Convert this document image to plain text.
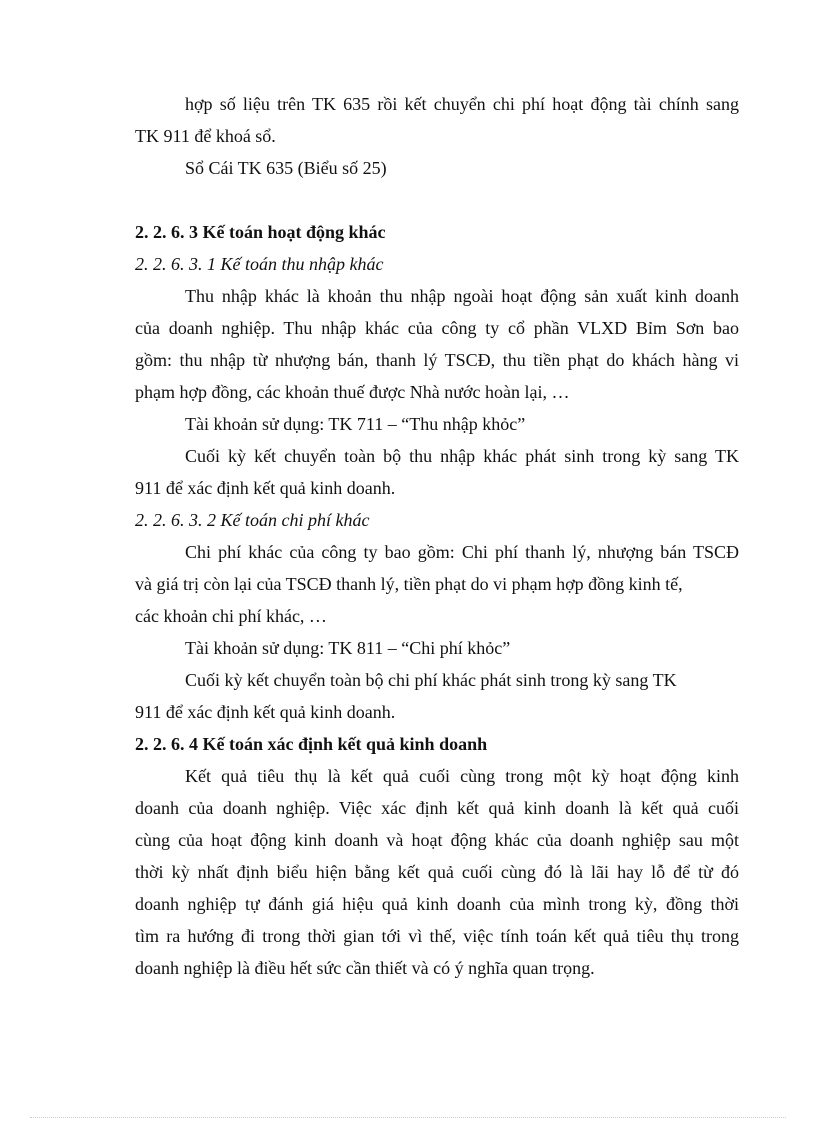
hợp số liệu trên TK 635 rồi kết chuyển chi phí hoạt động tài chính sang
TK 911 để khoá sổ.
Sổ Cái TK 635 (Biểu số 25)
2. 2. 6. 3 Kế toán hoạt động khác
2. 2. 6. 3. 1 Kế toán thu nhập khác
Thu nhập khác là khoản thu nhập ngoài hoạt động sản xuất kinh doanh
của doanh nghiệp. Thu nhập khác của công ty cổ phần VLXD Bỉm Sơn bao
gồm: thu nhập từ nhượng bán, thanh lý TSCĐ, thu tiền phạt do khách hàng vi
phạm hợp đồng, các khoản thuế được Nhà nước hoàn lại, …
Tài khoản sử dụng: TK 711 – “Thu nhập khỏc”
Cuối kỳ kết chuyển toàn bộ thu nhập khác phát sinh trong kỳ sang TK
911 để xác định kết quả kinh doanh.
2. 2. 6. 3. 2 Kế toán chi phí khác
Chi phí khác của công ty bao gồm: Chi phí thanh lý, nhượng bán TSCĐ
và giá trị còn lại của TSCĐ thanh lý, tiền phạt do vi phạm hợp đồng kinh tế,
các khoản chi phí khác, …
Tài khoản sử dụng: TK 811 – “Chi phí khỏc”
Cuối kỳ kết chuyển toàn bộ chi phí khác phát sinh trong kỳ sang TK
911 để xác định kết quả kinh doanh.
2. 2. 6. 4 Kế toán xác định kết quả kinh doanh
Kết quả tiêu thụ là kết quả cuối cùng trong một kỳ hoạt động kinh
doanh của doanh nghiệp. Việc xác định kết quả kinh doanh là kết quả cuối
cùng của hoạt động kinh doanh và hoạt động khác của doanh nghiệp sau một
thời kỳ nhất định biểu hiện bằng kết quả cuối cùng đó là lãi hay lỗ để từ đó
doanh nghiệp tự đánh giá hiệu quả kinh doanh của mình trong kỳ, đồng thời
tìm ra hướng đi trong thời gian tới vì thế, việc tính toán kết quả tiêu thụ trong
doanh nghiệp là điều hết sức cần thiết và có ý nghĩa quan trọng.
